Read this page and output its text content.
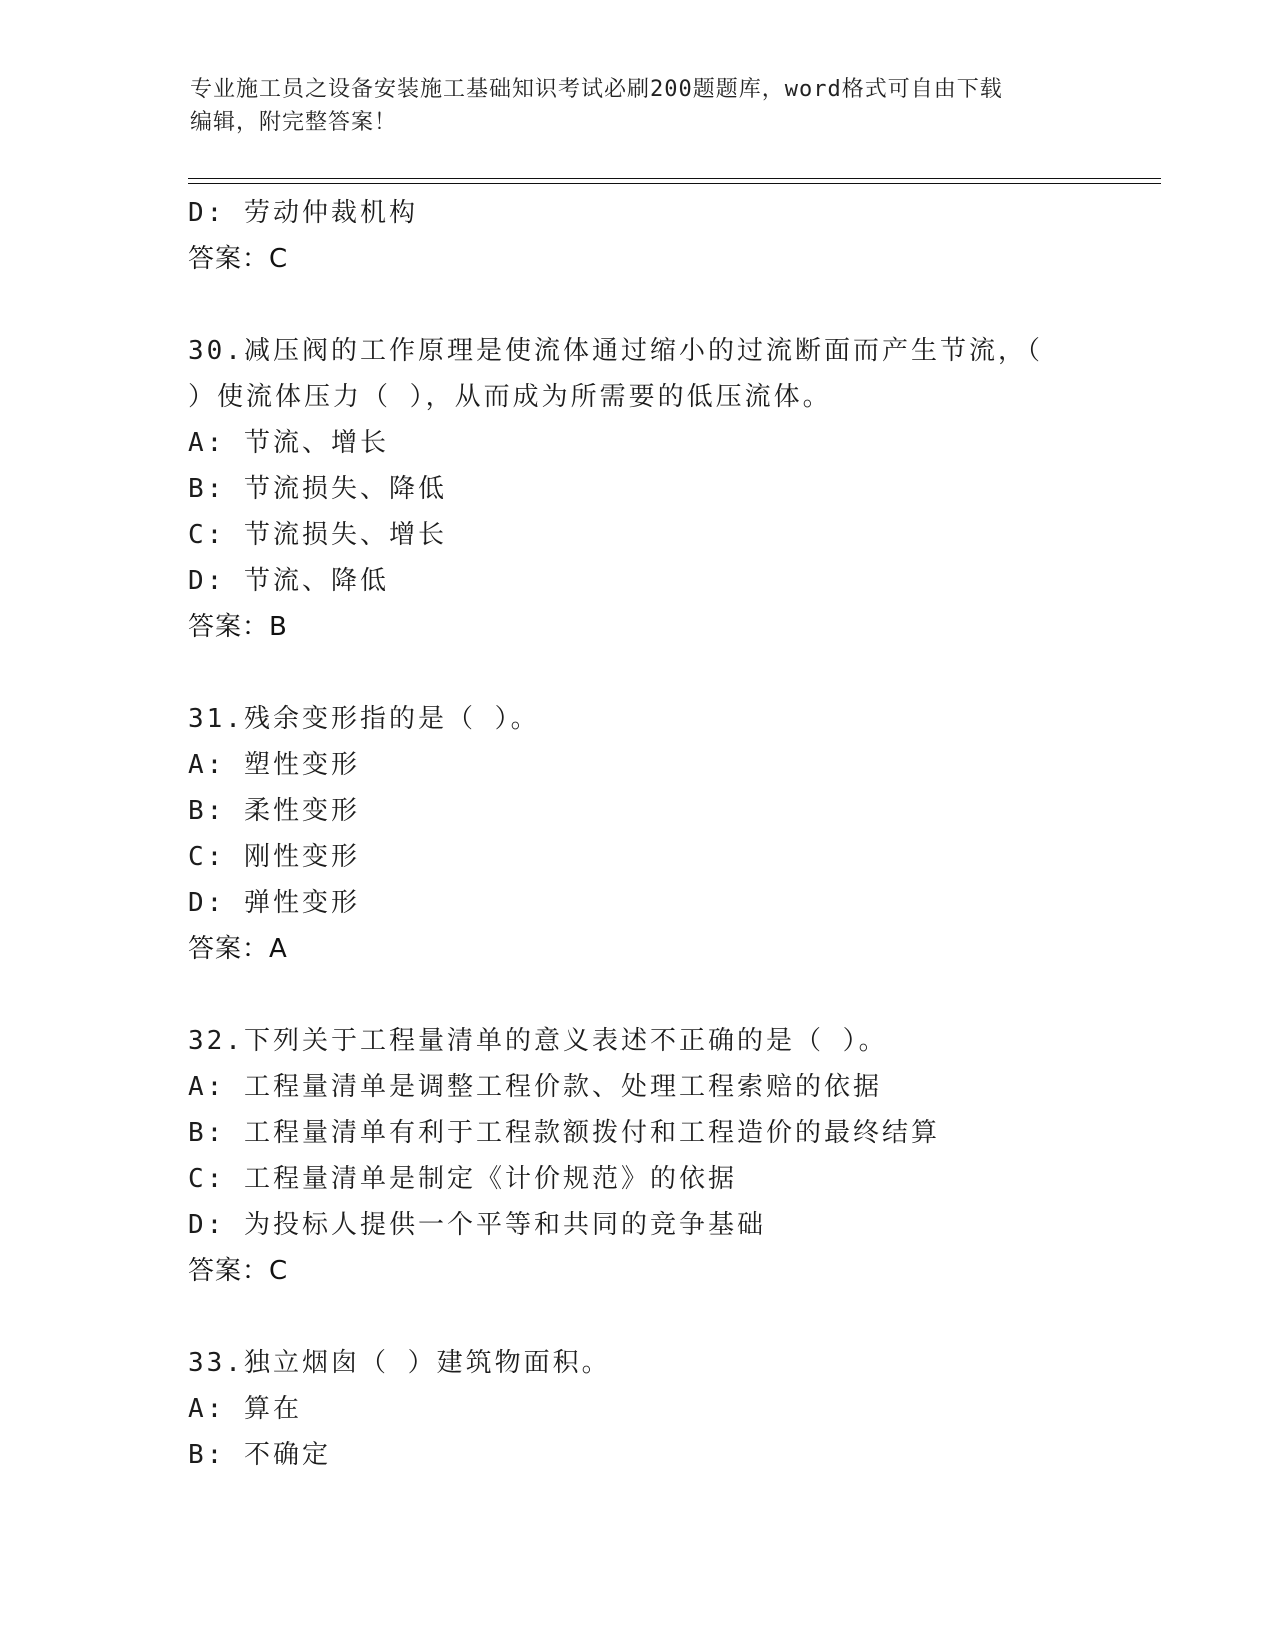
专业施工员之设备安装施工基础知识考试必刷200题题库，word格式可自由下载
编辑，附完整答案！
D: 劳动仲裁机构
答案：C
30.减压阀的工作原理是使流体通过缩小的过流断面而产生节流，（
）使流体压力（ ），从而成为所需要的低压流体。
A: 节流、增长
B: 节流损失、降低
C: 节流损失、增长
D: 节流、降低
答案：B
31.残余变形指的是（ ）。
A: 塑性变形
B: 柔性变形
C: 刚性变形
D: 弹性变形
答案：A
32.下列关于工程量清单的意义表述不正确的是（ ）。
A: 工程量清单是调整工程价款、处理工程索赔的依据
B: 工程量清单有利于工程款额拨付和工程造价的最终结算
C: 工程量清单是制定《计价规范》的依据
D: 为投标人提供一个平等和共同的竞争基础
答案：C
33.独立烟囱（ ）建筑物面积。
A: 算在
B: 不确定
